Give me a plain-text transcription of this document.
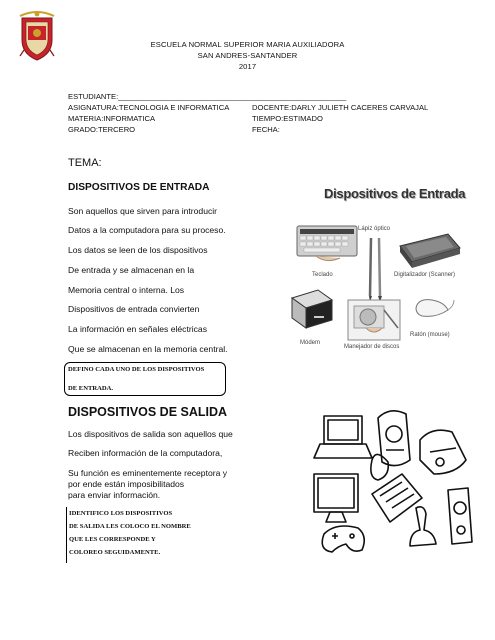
ESCUELA NORMAL SUPERIOR MARIA AUXILIADORA
SAN ANDRES-SANTANDER
2017
ESTUDIANTE:______________________________________________________
ASIGNATURA:TECNOLOGIA E INFORMATICA	DOCENTE:DARLY JULIETH CACERES CARVAJAL
MATERIA:INFORMATICA	TIEMPO:ESTIMADO
GRADO:TERCERO	FECHA:
TEMA:
DISPOSITIVOS DE ENTRADA
Son aquellos que sirven para introducir
Datos a la computadora para su proceso.
Los datos se leen de los dispositivos
De entrada y se almacenan en la
Memoria central o interna. Los
Dispositivos de entrada convierten
La información en señales eléctricas
Que se almacenan en la memoria central.
DEFINO CADA UNO DE LOS DISPOSITIVOS
DE ENTRADA.
Dispositivos de Entrada
Teclado
Lápiz óptico
Digitalizador (Scanner)
Módem
Manejador de discos
Ratón (mouse)
DISPOSITIVOS DE SALIDA
Los dispositivos de salida son aquellos que
Reciben información de la computadora,
Su función es eminentemente receptora y
por ende están imposibilitados
para enviar información.
IDENTIFICO LOS DISPOSITIVOS
DE SALIDA LES COLOCO EL NOMBRE
QUE LES CORRESPONDE Y
COLOREO SEGUIDAMENTE.
